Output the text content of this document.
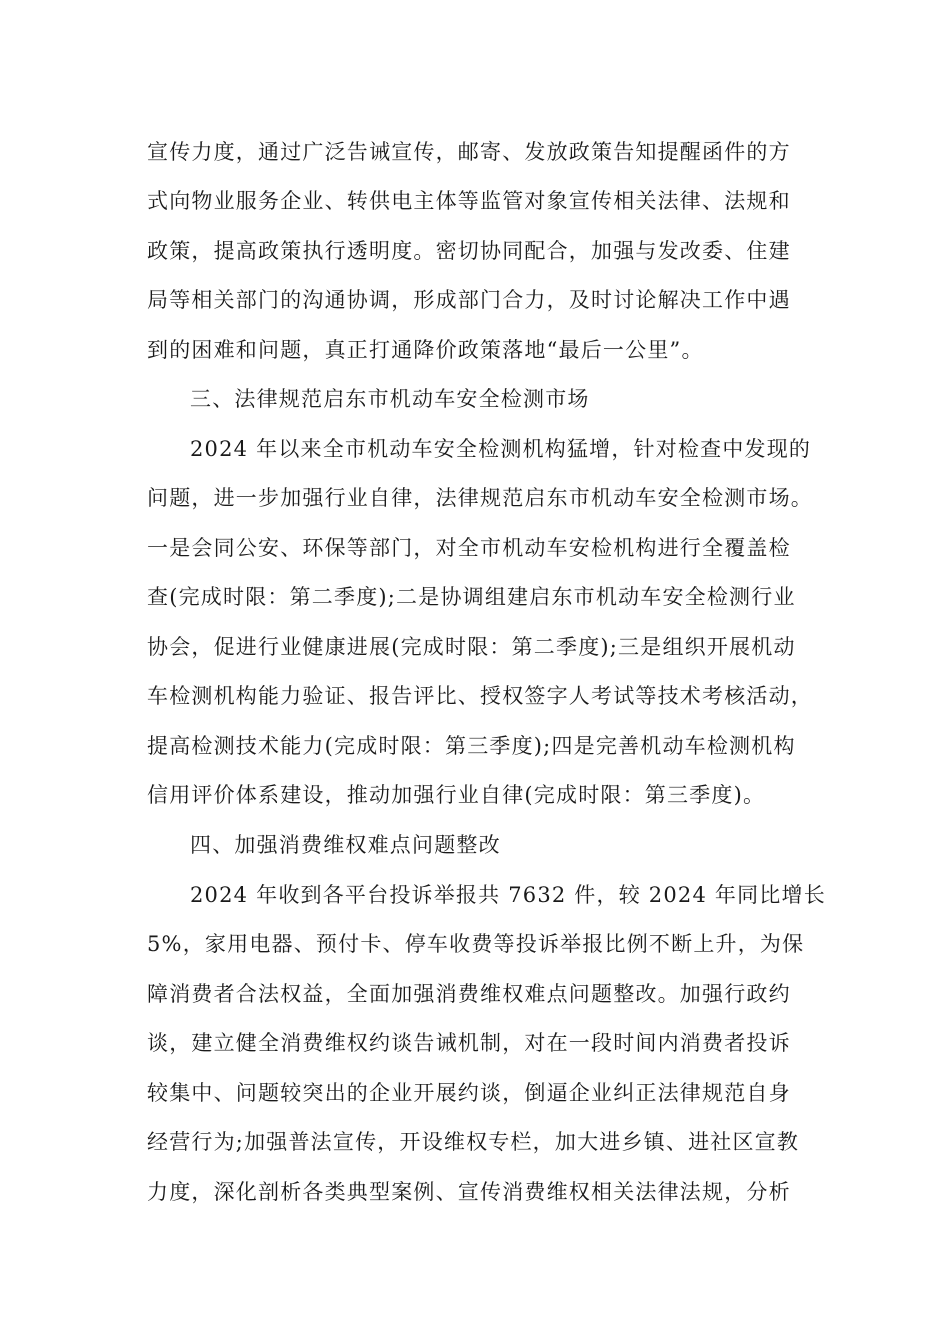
宣传力度，通过广泛告诫宣传，邮寄、发放政策告知提醒函件的方
式向物业服务企业、转供电主体等监管对象宣传相关法律、法规和
政策，提高政策执行透明度。密切协同配合，加强与发改委、住建
局等相关部门的沟通协调，形成部门合力，及时讨论解决工作中遇
到的困难和问题，真正打通降价政策落地“最后一公里”。
三、法律规范启东市机动车安全检测市场
2024 年以来全市机动车安全检测机构猛增，针对检查中发现的
问题，进一步加强行业自律，法律规范启东市机动车安全检测市场。
一是会同公安、环保等部门，对全市机动车安检机构进行全覆盖检
查(完成时限：第二季度);二是协调组建启东市机动车安全检测行业
协会，促进行业健康进展(完成时限：第二季度);三是组织开展机动
车检测机构能力验证、报告评比、授权签字人考试等技术考核活动，
提高检测技术能力(完成时限：第三季度);四是完善机动车检测机构
信用评价体系建设，推动加强行业自律(完成时限：第三季度)。
四、加强消费维权难点问题整改
2024 年收到各平台投诉举报共 7632 件，较 2024 年同比增长
5%，家用电器、预付卡、停车收费等投诉举报比例不断上升，为保
障消费者合法权益，全面加强消费维权难点问题整改。加强行政约
谈，建立健全消费维权约谈告诫机制，对在一段时间内消费者投诉
较集中、问题较突出的企业开展约谈，倒逼企业纠正法律规范自身
经营行为;加强普法宣传，开设维权专栏，加大进乡镇、进社区宣教
力度，深化剖析各类典型案例、宣传消费维权相关法律法规，分析
